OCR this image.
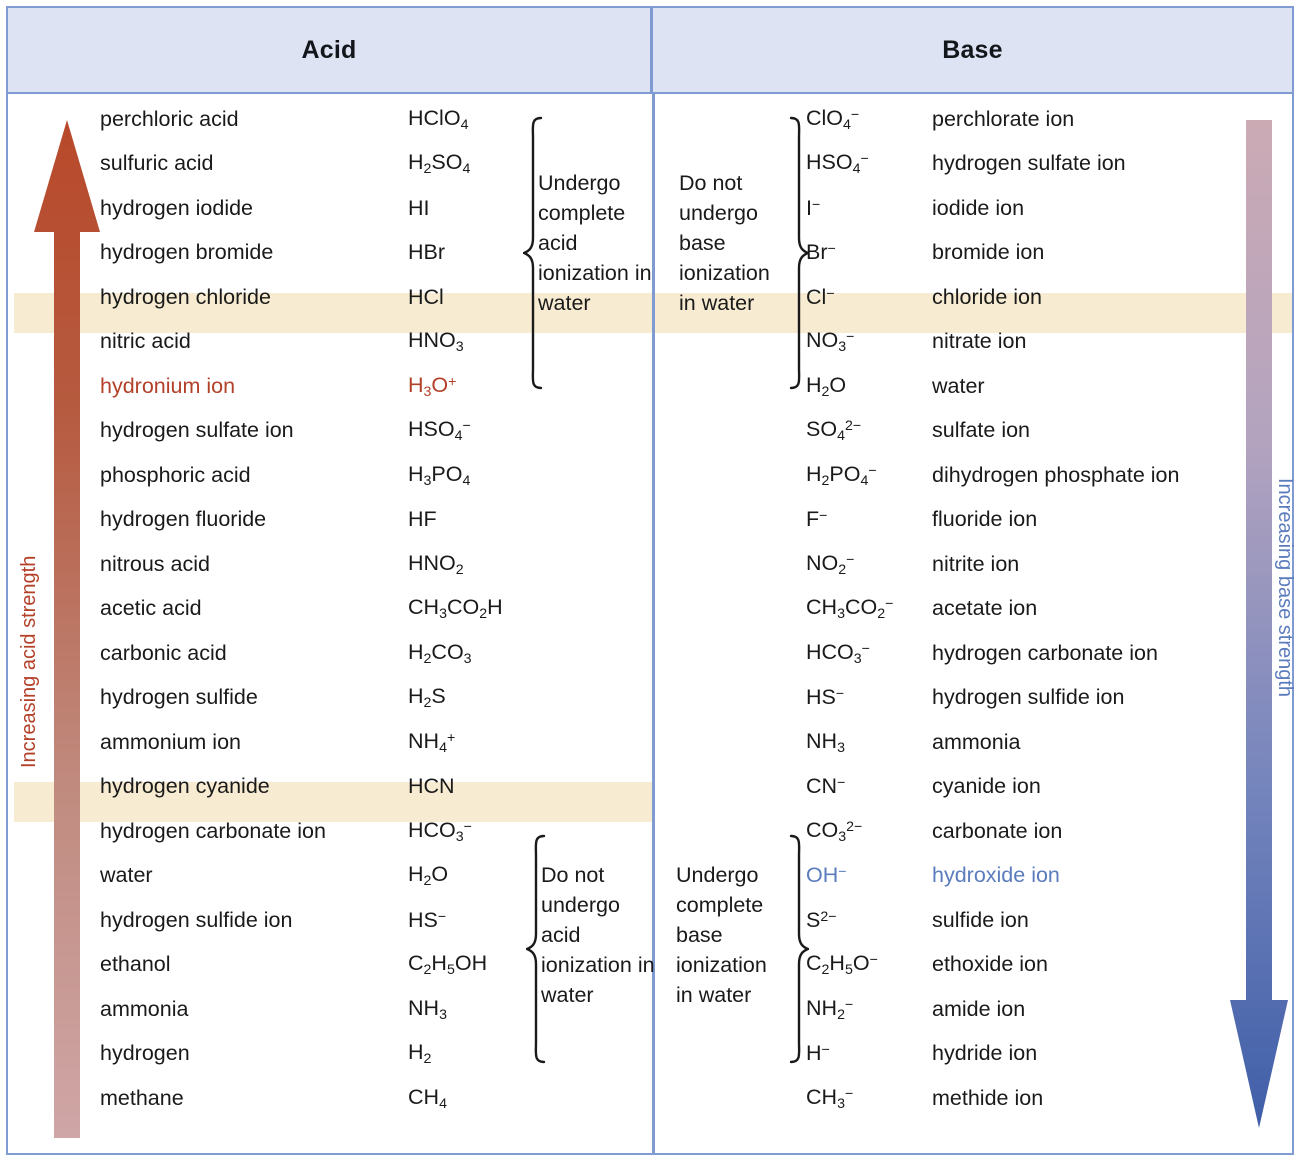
Acid	Base
perchloric acid	HClO$_4$
sulfuric acid	$H_2SO_4$
hydrogen iodide	HI
hydrogen bromide	HBr
hydrogen chloride	HCl
nitric acid	$HNO_3$
hydronium ion	$H_3O^+$
hydrogen sulfate ion	$HSO_4^-$
phosphoric acid	$H_3PO_4$
hydrogen fluoride	HF
nitrous acid	$HNO_2$
acetic acid	$CH_3CO_2H$
carbonic acid	$H_2CO_3$
hydrogen sulfide	$H_2S$
ammonium ion	$NH_4^+$
hydrogen cyanide	HCN
hydrogen carbonate ion	$HCO_3^-$
water	$H_2O$
hydrogen sulfide ion	HS−
ethanol	$C_2H_5OH$
ammonia	$NH_3$
hydrogen	$H_2$
methane	$CH_4$
ClO$_4$−	perchlorate ion
$HSO_4^-$	hydrogen sulfate ion
I−	iodide ion
Br−	bromide ion
Cl−	chloride ion
$NO_3^-$	nitrate ion
$H_2O$	water
$SO_4^{2-}$	sulfate ion
$H_2PO_4^-$	dihydrogen phosphate ion
F−	fluoride ion
$NO_2^-$	nitrite ion
$CH_3CO_2^-$ acetate ion
$HCO_3^-$	hydrogen carbonate ion
HS−	hydrogen sulfide ion
$NH_3$	ammonia
CN−	cyanide ion
$CO_3^{2-}$	carbonate ion
OH−	hydroxide ion
$S^{2-}$	sulfide ion
$C_2H_5O^-$	ethoxide ion
$NH_2^-$	amide ion
H−	hydride ion
$CH_3^-$	methide ion
Increasing acid strength	Increasing base strength
Undergo complete acid ionization in water
Do not undergo acid ionization in water
Do not undergo base ionization in water
Undergo complete base ionization in water
